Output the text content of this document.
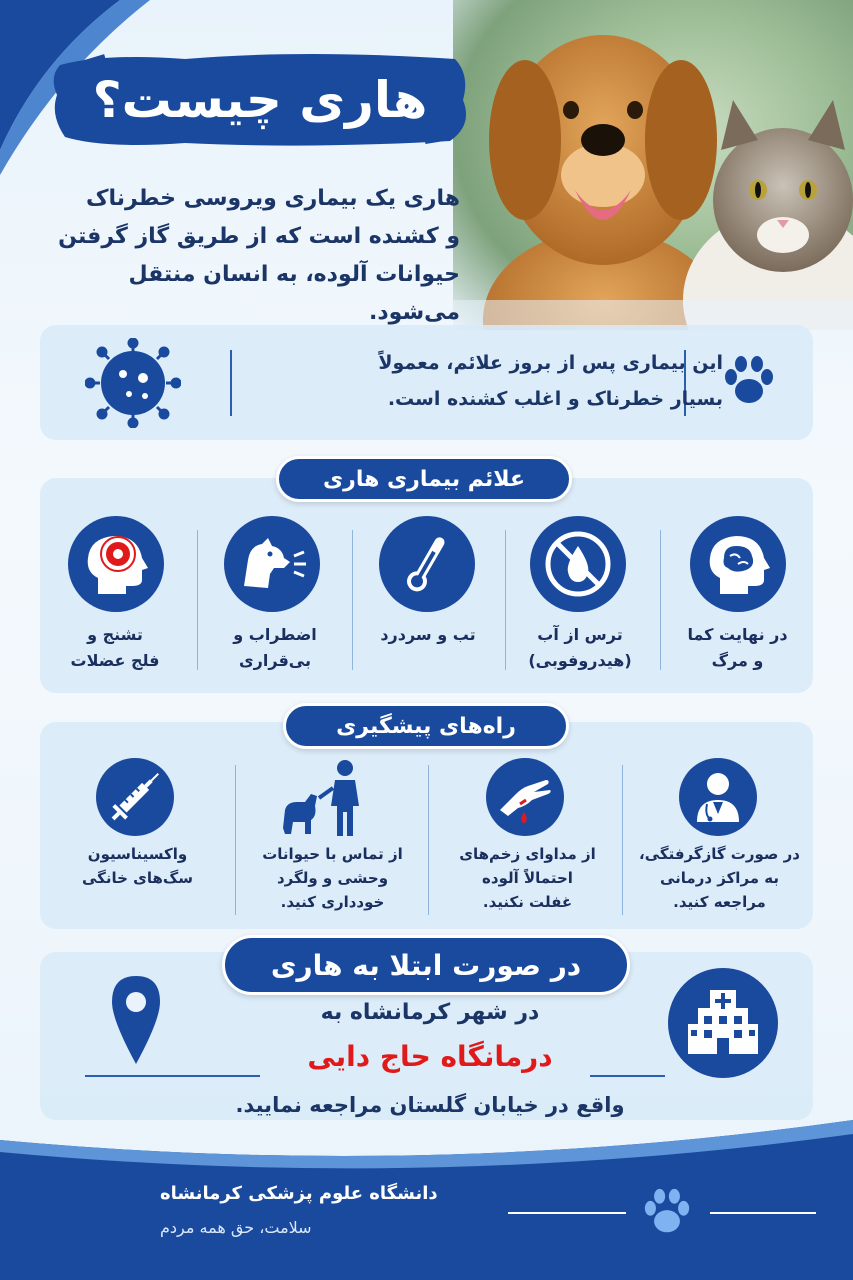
هاری چیست؟
هاری یک بیماری ویروسی خطرناک
و کشنده است که از طریق گاز گرفتن
حیوانات آلوده، به انسان منتقل می‌شود.
این بیماری پس از بروز علائم، معمولاً
بسیار خطرناک و اغلب کشنده است.
علائم بیماری هاری
در نهایت کما
و مرگ
ترس از آب
(هیدروفوبی)
تب و سردرد
اضطراب و
بی‌قراری
تشنج و
فلج عضلات
راه‌های پیشگیری
در صورت گازگرفتگی،
به مراکز درمانی
مراجعه کنید.
از مداوای زخم‌های
احتمالاً آلوده
غفلت نکنید.
از تماس با حیوانات
وحشی و ولگرد
خودداری کنید.
واکسیناسیون
سگ‌های خانگی
در صورت ابتلا به هاری
در شهر کرمانشاه به
درمانگاه حاج دایی
واقع در خیابان گلستان مراجعه نمایید.
دانشگاه علوم پزشکی کرمانشاه
سلامت، حق همه مردم
